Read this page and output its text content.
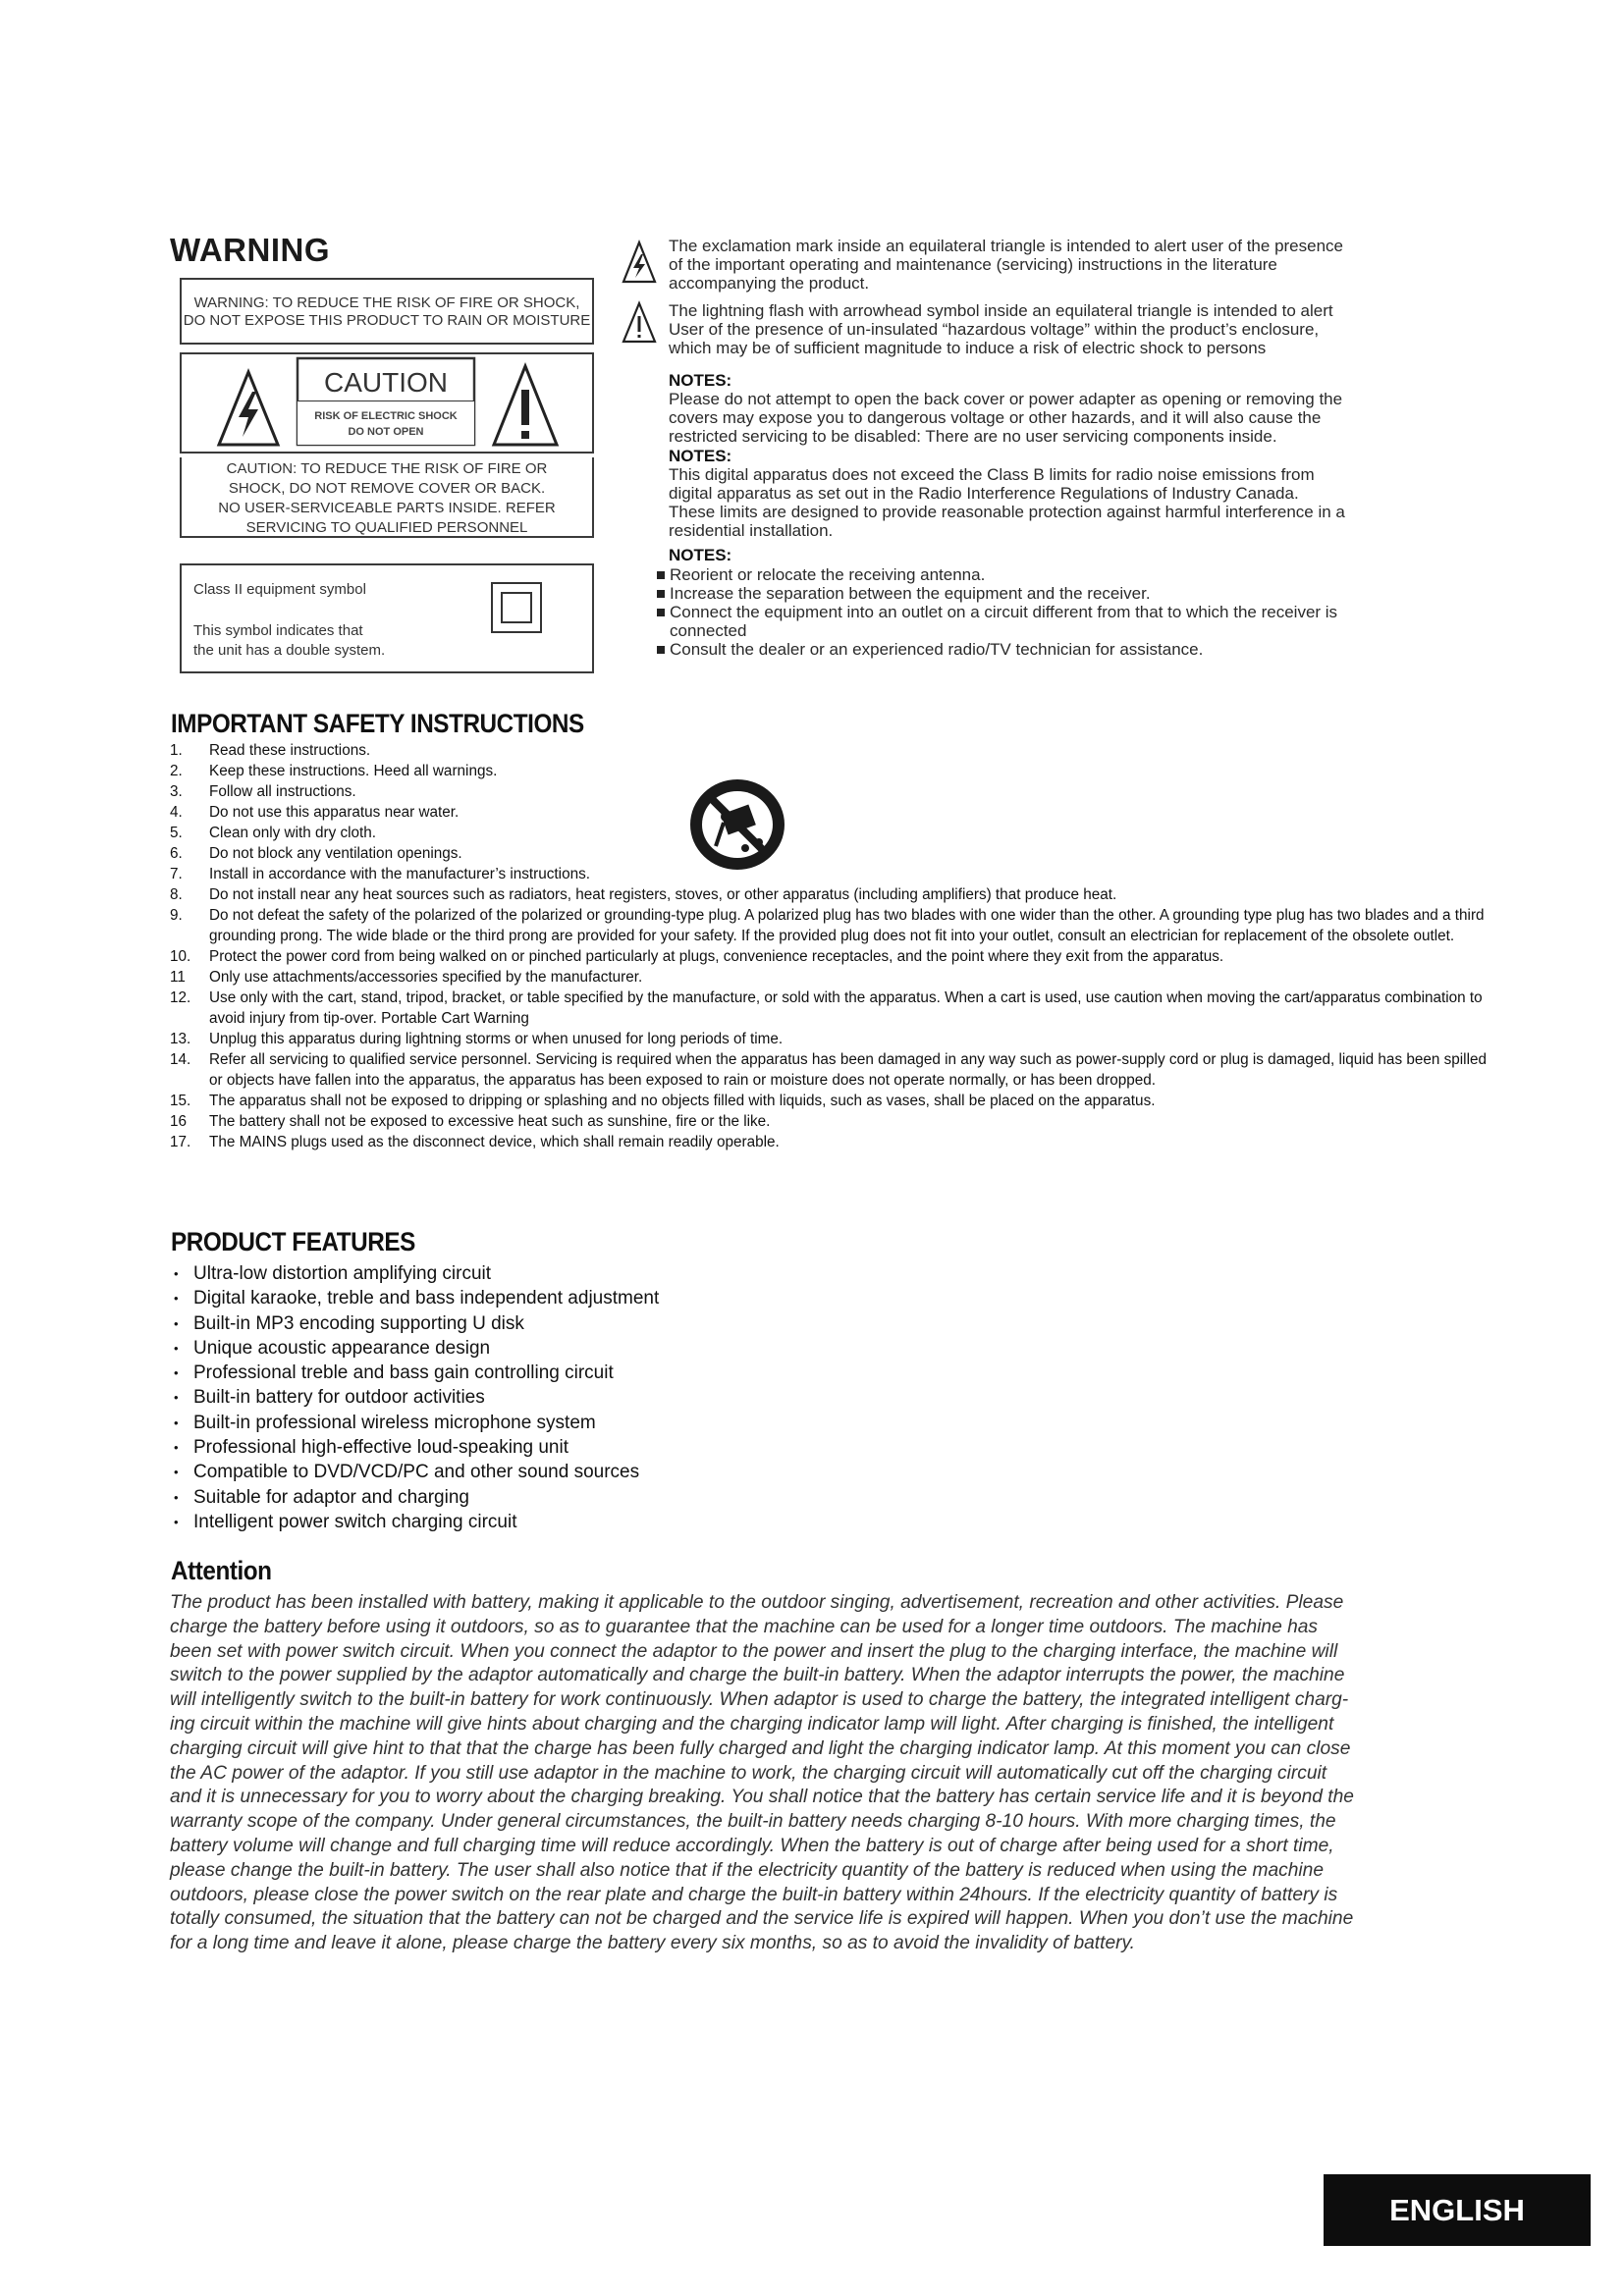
WARNING
WARNING: TO REDUCE THE RISK OF FIRE OR SHOCK,
DO NOT EXPOSE THIS PRODUCT TO RAIN OR MOISTURE
CAUTION
RISK OF ELECTRIC SHOCK
DO NOT OPEN
CAUTION: TO REDUCE THE RISK OF FIRE OR
SHOCK, DO NOT REMOVE COVER OR BACK.
NO USER-SERVICEABLE PARTS INSIDE. REFER
SERVICING TO QUALIFIED PERSONNEL
Class II equipment symbol
This symbol indicates that
the unit has a double system.
The exclamation mark inside an equilateral triangle is intended to alert user of the presence
of the important operating and maintenance (servicing) instructions in the literature
accompanying the product.
The lightning flash with arrowhead symbol inside an equilateral triangle is intended to alert
User of the presence of un-insulated “hazardous voltage” within the product’s enclosure,
which may be of sufficient magnitude to induce a risk of electric shock to persons
NOTES:
Please do not attempt to open the back cover or power adapter as opening or removing the
covers may expose you to dangerous voltage or other hazards, and it will also cause the
restricted servicing to be disabled: There are no user servicing components inside.
NOTES:
This digital apparatus does not exceed the Class B limits for radio noise emissions from
digital apparatus as set out in the Radio Interference Regulations of Industry Canada.
These limits are designed to provide reasonable protection against harmful interference in a
residential installation.
NOTES:
Reorient or relocate the receiving antenna.
Increase the separation between the equipment and the receiver.
Connect the equipment into an outlet on a circuit different from that to which the receiver is
connected
Consult the dealer or an experienced radio/TV technician for assistance.
IMPORTANT SAFETY INSTRUCTIONS
1. Read these instructions.
2. Keep these instructions. Heed all warnings.
3. Follow all instructions.
4. Do not use this apparatus near water.
5. Clean only with dry cloth.
6. Do not block any ventilation openings.
7. Install in accordance with the manufacturer’s instructions.
8. Do not install near any heat sources such as radiators, heat registers, stoves, or other apparatus (including amplifiers) that produce heat.
9. Do not defeat the safety of the polarized of the polarized or grounding-type plug. A polarized plug has two blades with one wider than the other. A grounding type plug has two blades and a third grounding prong. The wide blade or the third prong are provided for your safety. If the provided plug does not fit into your outlet, consult an electrician for replacement of the obsolete outlet.
10. Protect the power cord from being walked on or pinched particularly at plugs, convenience receptacles, and the point where they exit from the apparatus.
11 Only use attachments/accessories specified by the manufacturer.
12. Use only with the cart, stand, tripod, bracket, or table specified by the manufacture, or sold with the apparatus. When a cart is used, use caution when moving the cart/apparatus combination to avoid injury from tip-over. Portable Cart Warning
13. Unplug this apparatus during lightning storms or when unused for long periods of time.
14. Refer all servicing to qualified service personnel. Servicing is required when the apparatus has been damaged in any way such as power-supply cord or plug is damaged, liquid has been spilled or objects have fallen into the apparatus, the apparatus has been exposed to rain or moisture does not operate normally, or has been dropped.
15. The apparatus shall not be exposed to dripping or splashing and no objects filled with liquids, such as vases, shall be placed on the apparatus.
16 The battery shall not be exposed to excessive heat such as sunshine, fire or the like.
17. The MAINS plugs used as the disconnect device, which shall remain readily operable.
PRODUCT FEATURES
• Ultra-low distortion amplifying circuit
• Digital karaoke, treble and bass independent adjustment
• Built-in MP3 encoding supporting U disk
• Unique acoustic appearance design
• Professional treble and bass gain controlling circuit
• Built-in battery for outdoor activities
• Built-in professional wireless microphone system
• Professional high-effective loud-speaking unit
• Compatible to DVD/VCD/PC and other sound sources
• Suitable for adaptor and charging
• Intelligent power switch charging circuit
Attention
The product has been installed with battery, making it applicable to the outdoor singing, advertisement, recreation and other activities. Please
charge the battery before using it outdoors, so as to guarantee that the machine can be used for a longer time outdoors. The machine has
been set with power switch circuit. When you connect the adaptor to the power and insert the plug to the charging interface, the machine will
switch to the power supplied by the adaptor automatically and charge the built-in battery. When the adaptor interrupts the power, the machine
will intelligently switch to the built-in battery for work continuously. When adaptor is used to charge the battery, the integrated intelligent charg-
ing circuit within the machine will give hints about charging and the charging indicator lamp will light. After charging is finished, the intelligent
charging circuit will give hint to that that the charge has been fully charged and light the charging indicator lamp. At this moment you can close
the AC power of the adaptor. If you still use adaptor in the machine to work, the charging circuit will automatically cut off the charging circuit
and it is unnecessary for you to worry about the charging breaking. You shall notice that the battery has certain service life and it is beyond the
warranty scope of the company. Under general circumstances, the built-in battery needs charging 8-10 hours. With more charging times, the
battery volume will change and full charging time will reduce accordingly. When the battery is out of charge after being used for a short time,
please change the built-in battery. The user shall also notice that if the electricity quantity of the battery is reduced when using the machine
outdoors, please close the power switch on the rear plate and charge the built-in battery within 24hours. If the electricity quantity of battery is
totally consumed, the situation that the battery can not be charged and the service life is expired will happen. When you don’t use the machine
for a long time and leave it alone, please charge the battery every six months, so as to avoid the invalidity of battery.
ENGLISH
